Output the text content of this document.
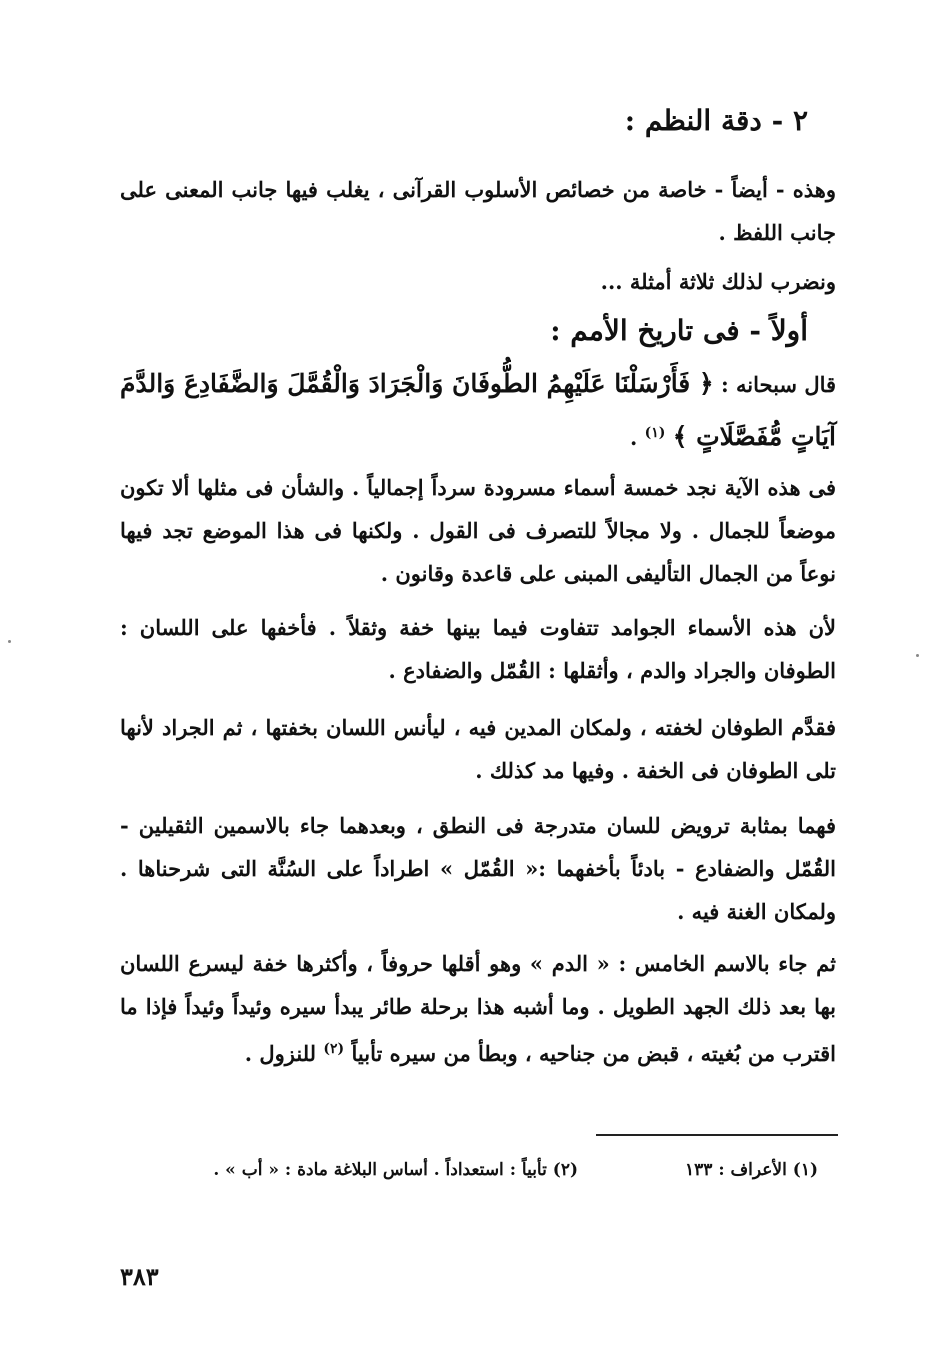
٢ - دقة النظم :
وهذه - أيضاً - خاصة من خصائص الأسلوب القرآنى ، يغلب فيها جانب المعنى على جانب اللفظ .
ونضرب لذلك ثلاثة أمثلة ...
أولاً - فى تاريخ الأمم :
قال سبحانه : ﴿ فَأَرْسَلْنَا عَلَيْهِمُ الطُّوفَانَ وَالْجَرَادَ وَالْقُمَّلَ وَالضَّفَادِعَ وَالدَّمَ آيَاتٍ مُّفَصَّلَاتٍ ﴾ $^{(١)}$ .
فى هذه الآية نجد خمسة أسماء مسرودة سرداً إجمالياً . والشأن فى مثلها ألا تكون موضعاً للجمال . ولا مجالاً للتصرف فى القول . ولكنها فى هذا الموضع تجد فيها نوعاً من الجمال التأليفى المبنى على قاعدة وقانون .
لأن هذه الأسماء الجوامد تتفاوت فيما بينها خفة وثقلاً . فأخفها على اللسان : الطوفان والجراد والدم ، وأثقلها : القُمّل والضفادع .
فقدَّم الطوفان لخفته ، ولمكان المدين فيه ، ليأنس اللسان بخفتها ، ثم الجراد لأنها تلى الطوفان فى الخفة . وفيها مد كذلك .
فهما بمثابة ترويض للسان متدرجة فى النطق ، وبعدهما جاء بالاسمين الثقيلين - القُمّل والضفادع - بادئاً بأخفهما :« القُمّل » اطراداً على السُنَّة التى شرحناها . ولمكان الغنة فيه .
ثم جاء بالاسم الخامس : « الدم » وهو أقلها حروفاً ، وأكثرها خفة ليسرع اللسان بها بعد ذلك الجهد الطويل . وما أشبه هذا برحلة طائر يبدأ سيره وئيداً وئيداً فإذا ما اقترب من بُغيته ، قبض من جناحيه ، وبطأ من سيره تأبياً $^{(٢)}$ للنزول .
(١) الأعراف : ١٣٣
(٢) تأبياً : استعداداً . أساس البلاغة مادة : « أب » .
٣٨٣
